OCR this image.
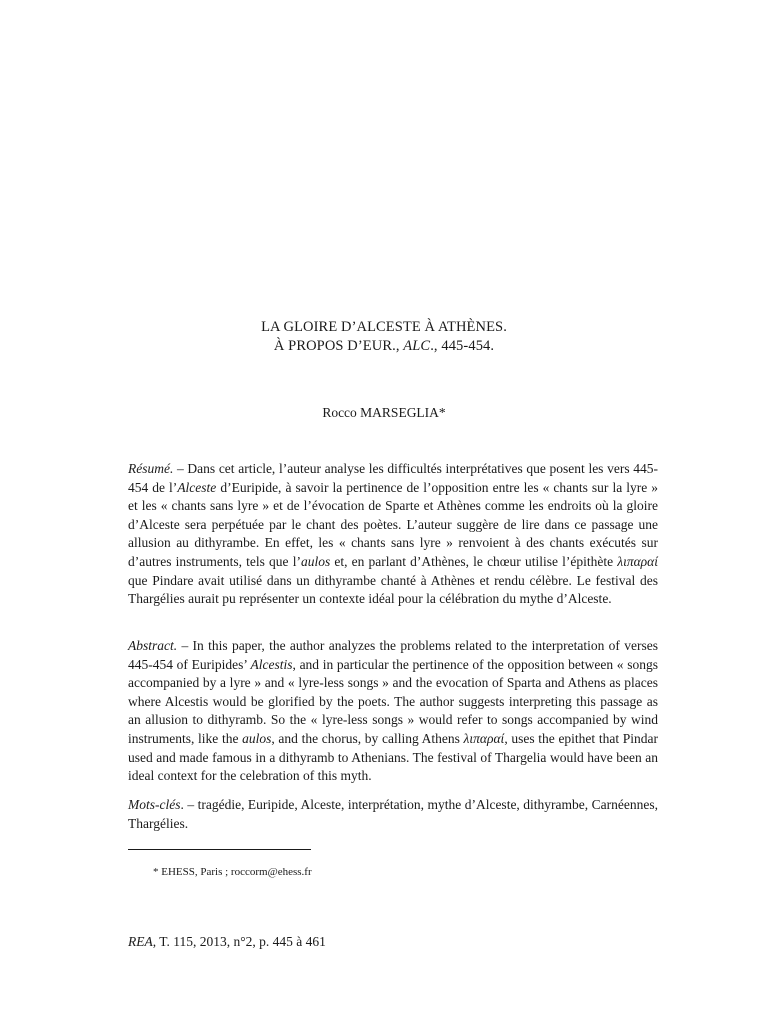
LA GLOIRE D’ALCESTE À ATHÈNES.
À PROPOS D’EUR., ALC., 445-454.
Rocco MARSEGLIA*
Résumé. – Dans cet article, l’auteur analyse les difficultés interprétatives que posent les vers 445-454 de l’Alceste d’Euripide, à savoir la pertinence de l’opposition entre les « chants sur la lyre » et les « chants sans lyre » et de l’évocation de Sparte et Athènes comme les endroits où la gloire d’Alceste sera perpétuée par le chant des poètes. L’auteur suggère de lire dans ce passage une allusion au dithyrambe. En effet, les « chants sans lyre » renvoient à des chants exécutés sur d’autres instruments, tels que l’aulos et, en parlant d’Athènes, le chœur utilise l’épithète λιπαραί que Pindare avait utilisé dans un dithyrambe chanté à Athènes et rendu célèbre. Le festival des Thargélies aurait pu représenter un contexte idéal pour la célébration du mythe d’Alceste.
Abstract. – In this paper, the author analyzes the problems related to the interpretation of verses 445-454 of Euripides’ Alcestis, and in particular the pertinence of the opposition between « songs accompanied by a lyre » and « lyre-less songs » and the evocation of Sparta and Athens as places where Alcestis would be glorified by the poets. The author suggests interpreting this passage as an allusion to dithyramb. So the « lyre-less songs » would refer to songs accompanied by wind instruments, like the aulos, and the chorus, by calling Athens λιπαραί, uses the epithet that Pindar used and made famous in a dithyramb to Athenians. The festival of Thargelia would have been an ideal context for the celebration of this myth.
Mots-clés. – tragédie, Euripide, Alceste, interprétation, mythe d’Alceste, dithyrambe, Carnéennes, Thargélies.
* EHESS, Paris ; roccorm@ehess.fr
REA, T. 115, 2013, n°2, p. 445 à 461
